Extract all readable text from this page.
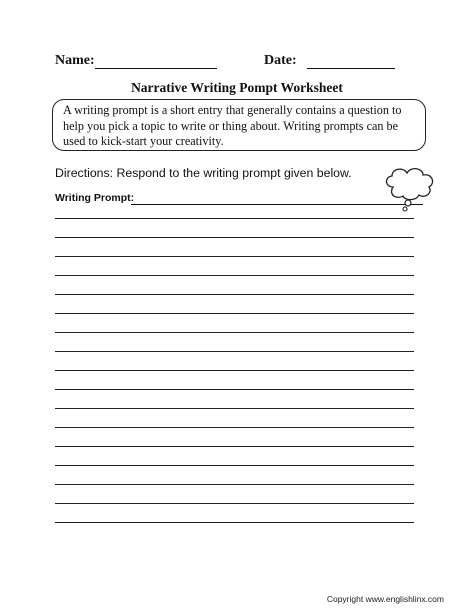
Name:	Date:
Narrative Writing Pompt Worksheet
A writing prompt is a short entry that generally contains a question to help you pick a topic to write or thing about. Writing prompts can be used to kick-start your creativity.
Directions: Respond to the writing prompt given below.
Writing Prompt:
Copyright www.englishlinx.com
